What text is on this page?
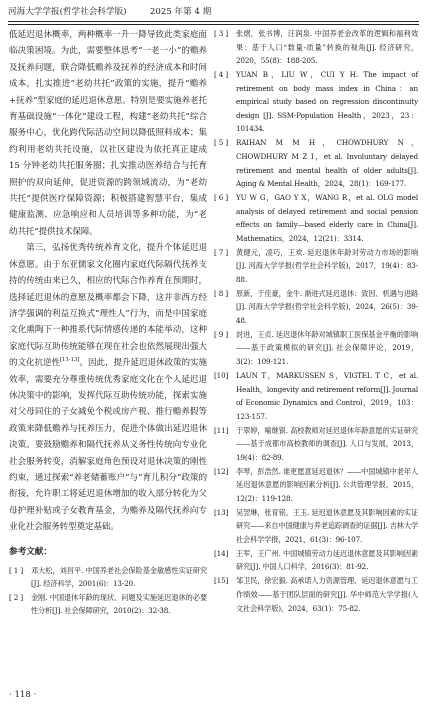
河海大学学报(哲学社会科学版)	2025 年第 4 期

低延迟退休概率，两种概率一升一降导致此类家庭面临决策困境。为此，需要整体思考“一老一小”的赡养及抚养问题，联合降低赡养及抚养的经济成本和时间成本，扎实推进“老幼共托”政策的实施，提升“赡养+抚养”型家庭的延迟退休意愿。特别是要实施养老托育基础设施“一体化”建设工程，构建“老幼共托”综合服务中心，优化跨代际活动空间以降低照料成本；集约利用老幼共托设施，以社区建设为依托真正建成 15 分钟老幼共托服务圈；扎实推动医养结合与托育照护的双向延伸，促进资源的跨领域流动，为“老幼共托”提供医疗保障资源；积极搭建智慧平台，集成健康监测、应急响应和人员培训等多种功能，为“老幼共托”提供技术保障。

第三，弘扬优秀传统养育文化，提升个体延迟退休意愿。由于东亚儒家文化圈内家庭代际隔代抚养支持的传统由来已久，相应的代际合作养育在预期时，选择延迟退休的意愿及概率都会下降，这并非西方经济学强调的利益互换式“理性人”行为，而是中国家庭文化熏陶下一种推系代际情感传递的本能举动，这种家庭代际互助传统能够在现在社会也依然展现出强大的文化抗逆性[11-13]。因此，提升延迟退休政策的实施效率，需要充分尊重传统优秀家庭文化在个人延迟退休决策中的影响，发挥代际互助传统功能，探索实施对父母同住的子女减免个税或房产税、推行赡养假等政策来降低赡养与抚养压力，促进个体做出延迟退休决策。要鼓励赡养和隔代抚养从义务性传统向专业化社会服务转变，消解家庭角色预设对退休决策的刚性约束，通过探索“养老储蓄账户”与“育儿积分”政策的衔接，允许职工将延迟退休增加的收入部分转化为父母护理补贴或子女教育基金，为赡养及隔代抚养向专业化社会服务转型奠定基础。

参考文献：
[ 1 ] 邓大松，刘昌平. 中国养老社会保险基金敏感性实证研究[J]. 经济科学，2001(6)：13-20.
[ 2 ] 金刚. 中国退休年龄的现状、问题及实施延迟退休的必要性分析[J]. 社会保障研究，2010(2)：32-38.
[ 3 ] 张熠，张书博，汪润泉. 中国养老金改革的逻辑和福利效果：基于人口“数量-质量”转换的视角[J]. 经济研究，2020，55(8)：188-205.
[ 4 ] YUAN B，LIU W，CUI Y H. The impact of retirement on body mass index in China：an empirical study based on regression discontinuity design [J]. SSM-Population Health，2023，23：101434.
[ 5 ] RAIHAN M M H，CHOWDHURY N，CHOWDHURY M Z I，et al. Involuntary delayed retirement and mental health of older adults[J]. Aging & Mental Health，2024，28(1)：169-177.
[ 6 ] YU W G，GAO Y X，WANG R，et al. OLG model analysis of delayed retirement and social pension effects on family—based elderly care in China[J]. Mathematics，2024，12(21)：3314.
[ 7 ] 黄健元，凌巧，王欢. 延迟退休年龄对劳动力市场的影响[J]. 河海大学学报(哲学社会科学版)，2017，19(4)：83-88.
[ 8 ] 原新，于佳豪，金牛. 渐进式延迟退休：致因、机遇与进路[J]. 河海大学学报(哲学社会科学版)，2024，26(5)：39-48.
[ 9 ] 封进，王贞. 延迟退休年龄对城镇职工医保基金平衡的影响——基于政策模拟的研究[J]. 社会保障评论，2019，3(2)：109-121.
[10] LAUN T，MARKUSSEN S，VIGTEL T C，et al. Health，longevity and retirement reform[J]. Journal of Economic Dynamics and Control，2019，103：123-157.
[11] 于翠婷，喻继银. 高校教师对延迟退休年龄意愿的实证研究——基于成都市高校教师的调查[J]. 人口与发展，2013，19(4)：82-89.
[12] 李琴，彭浩然. 谁更愿意延迟退休？——中国城镇中老年人延迟退休意愿的影响因素分析[J]. 公共管理学报，2015，12(2)：119-128.
[13] 吴翌琳，张育铭，王玉. 延迟退休意愿及其影响因素的实证研究——来自中国健康与养老追踪调查的证据[J]. 吉林大学社会科学学报，2021，61(3)：96-107.
[14] 王军，王广州. 中国城镇劳动力延迟退休意愿及其影响因素研究[J]. 中国人口科学，2016(3)：81-92.
[15] 邹卫民，徐宏毅. 高承诺人力资源管理、延迟退休意愿与工作绩效——基于团队层面的研究[J]. 华中师范大学学报(人文社会科学版)，2024，63(1)：75-82.
· 118 ·
